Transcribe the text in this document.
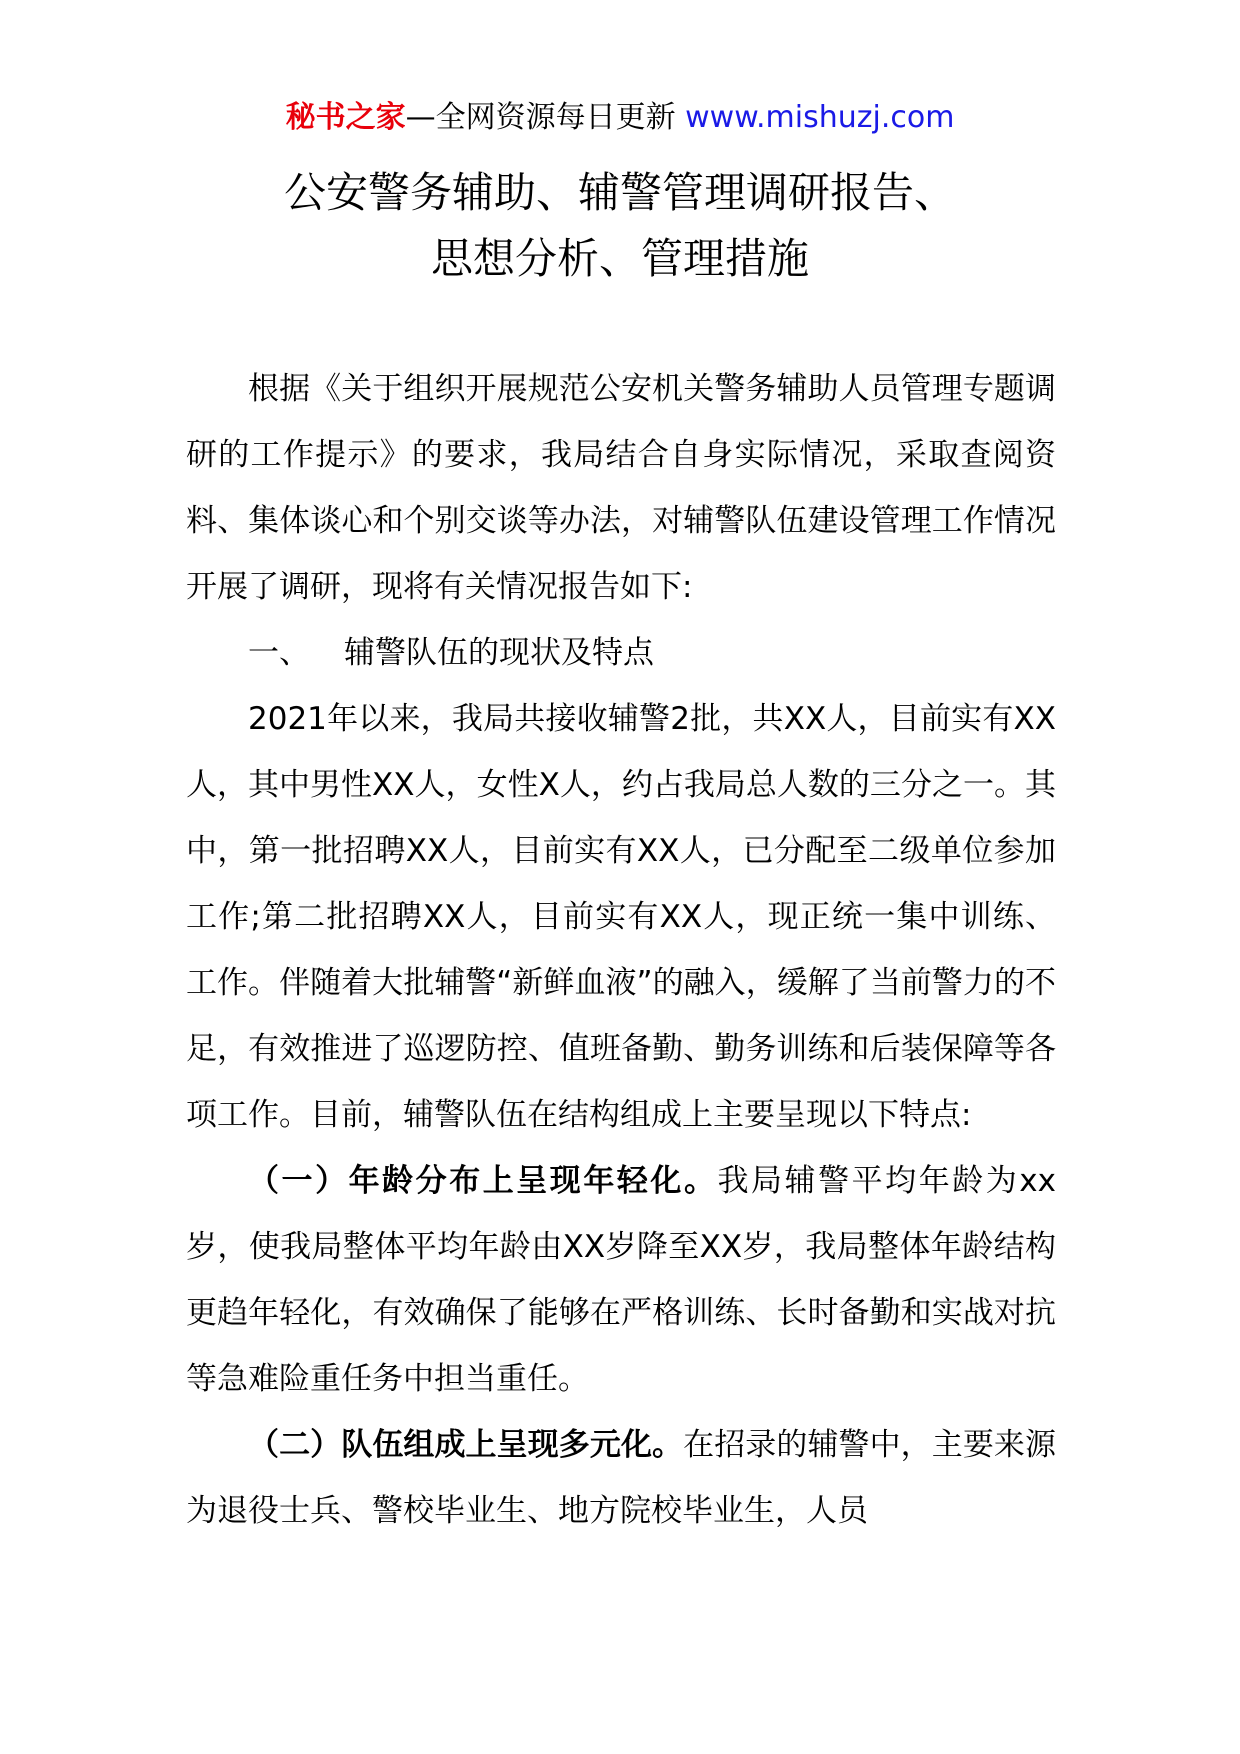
秘书之家—全网资源每日更新 www.mishuzj.com
公安警务辅助、辅警管理调研报告、
思想分析、管理措施

根据《关于组织开展规范公安机关警务辅助人员管理专题调研的工作提示》的要求，我局结合自身实际情况，采取查阅资料、集体谈心和个别交谈等办法，对辅警队伍建设管理工作情况开展了调研，现将有关情况报告如下:

一、 辅警队伍的现状及特点

2021年以来，我局共接收辅警2批，共XX人，目前实有XX人，其中男性XX人，女性X人，约占我局总人数的三分之一。其中，第一批招聘XX人，目前实有XX人，已分配至二级单位参加工作;第二批招聘XX人，目前实有XX人，现正统一集中训练、工作。伴随着大批辅警“新鲜血液”的融入，缓解了当前警力的不足，有效推进了巡逻防控、值班备勤、勤务训练和后装保障等各项工作。目前，辅警队伍在结构组成上主要呈现以下特点:

（一）年龄分布上呈现年轻化。我局辅警平均年龄为xx岁，使我局整体平均年龄由XX岁降至XX岁，我局整体年龄结构更趋年轻化，有效确保了能够在严格训练、长时备勤和实战对抗等急难险重任务中担当重任。

（二）队伍组成上呈现多元化。在招录的辅警中，主要来源为退役士兵、警校毕业生、地方院校毕业生，人员
